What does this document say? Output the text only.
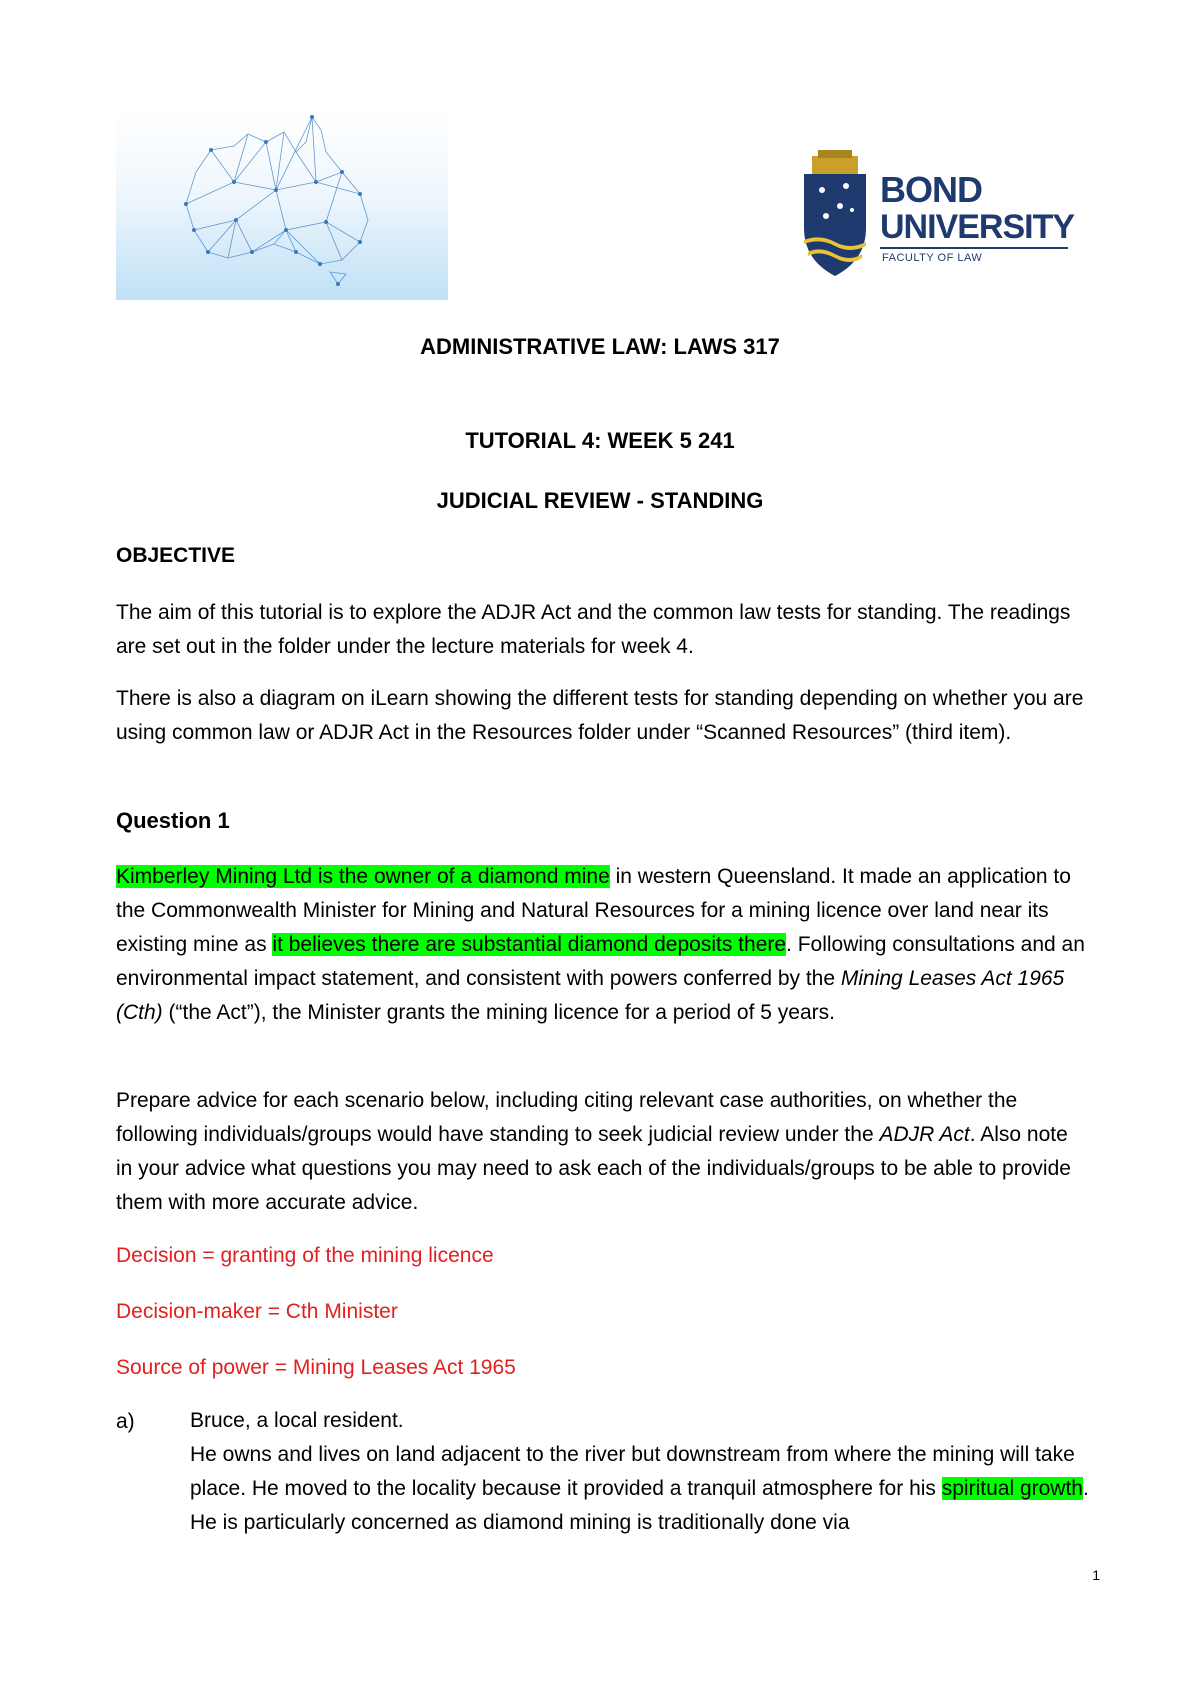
BOND
UNIVERSITY
FACULTY OF LAW
ADMINISTRATIVE LAW: LAWS 317
TUTORIAL 4: WEEK 5 241
JUDICIAL REVIEW - STANDING
OBJECTIVE
The aim of this tutorial is to explore the ADJR Act and the common law tests for standing. The readings are set out in the folder under the lecture materials for week 4.
There is also a diagram on iLearn showing the different tests for standing depending on whether you are using common law or ADJR Act in the Resources folder under “Scanned Resources” (third item).
Question 1
Kimberley Mining Ltd is the owner of a diamond mine in western Queensland. It made an application to the Commonwealth Minister for Mining and Natural Resources for a mining licence over land near its existing mine as it believes there are substantial diamond deposits there. Following consultations and an environmental impact statement, and consistent with powers conferred by the Mining Leases Act 1965 (Cth) (“the Act”), the Minister grants the mining licence for a period of 5 years.
Prepare advice for each scenario below, including citing relevant case authorities, on whether the following individuals/groups would have standing to seek judicial review under the ADJR Act. Also note in your advice what questions you may need to ask each of the individuals/groups to be able to provide them with more accurate advice.
Decision = granting of the mining licence
Decision-maker = Cth Minister
Source of power = Mining Leases Act 1965
a)	Bruce, a local resident.
He owns and lives on land adjacent to the river but downstream from where the mining will take place. He moved to the locality because it provided a tranquil atmosphere for his spiritual growth. He is particularly concerned as diamond mining is traditionally done via
1
